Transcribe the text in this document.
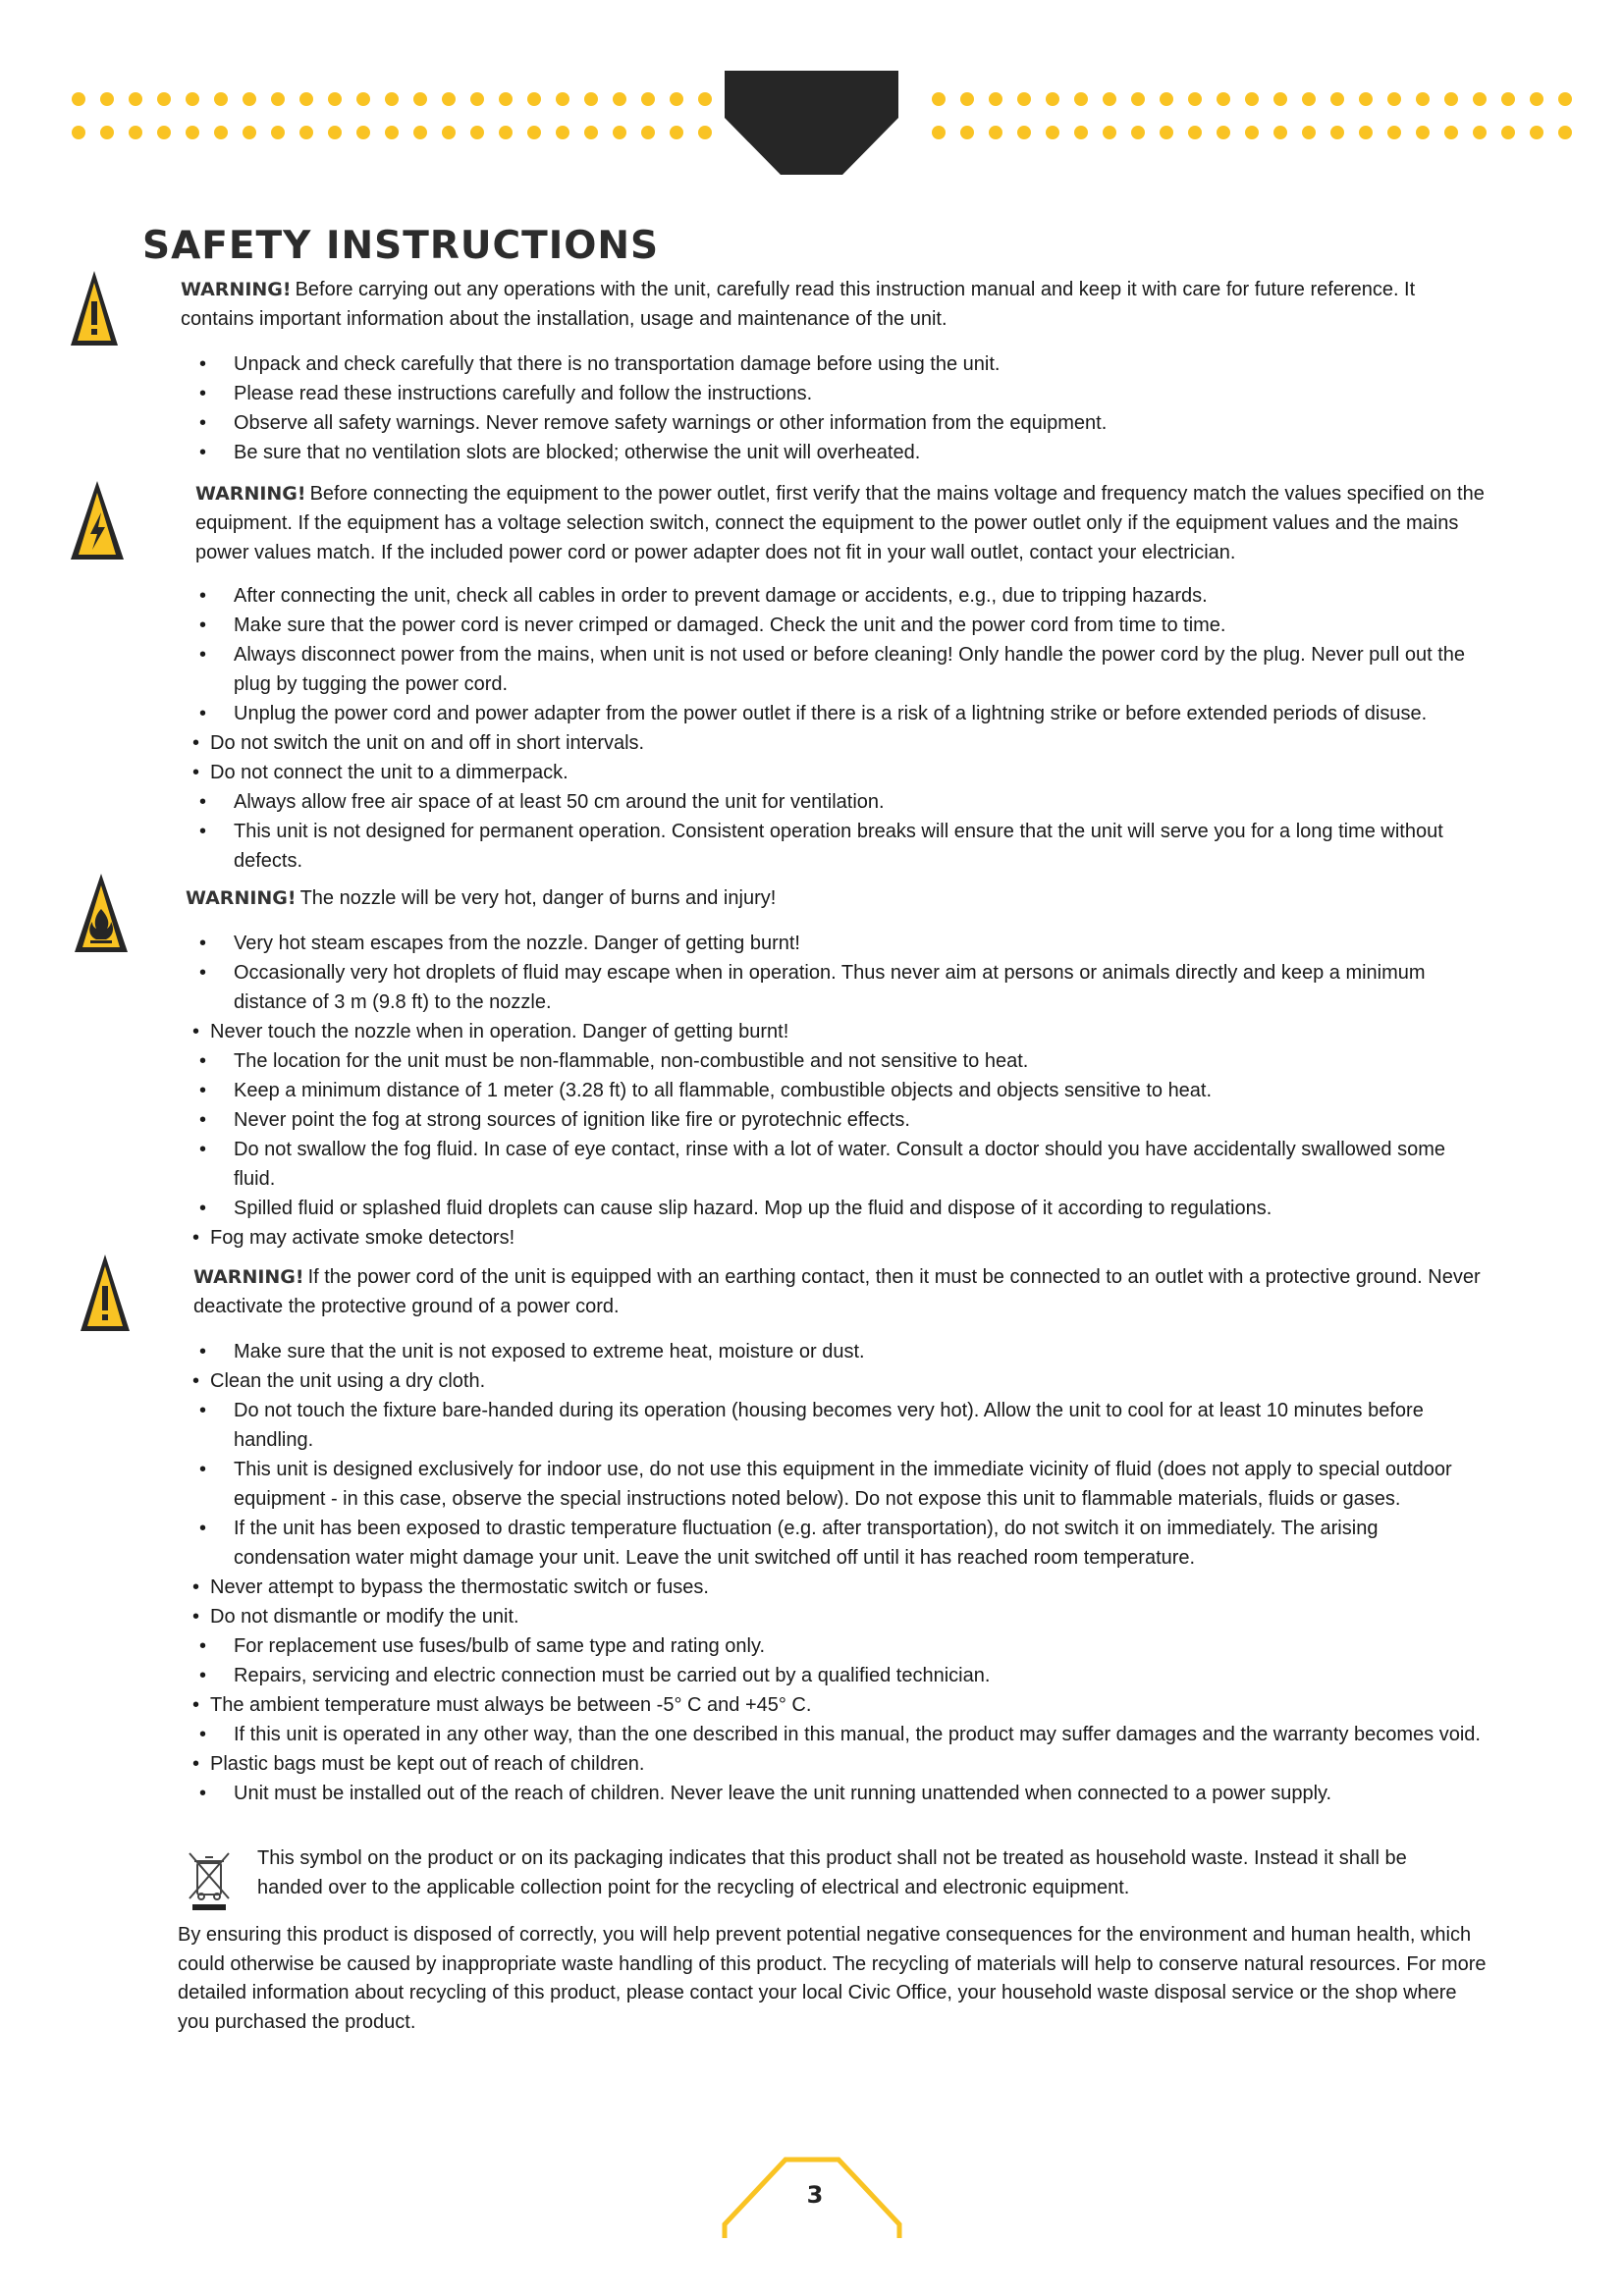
SAFETY INSTRUCTIONS
WARNING! Before carrying out any operations with the unit, carefully read this instruction manual and keep it with care for future reference. It contains important information about the installation, usage and maintenance of the unit.
• Unpack and check carefully that there is no transportation damage before using the unit.
• Please read these instructions carefully and follow the instructions.
• Observe all safety warnings. Never remove safety warnings or other information from the equipment.
• Be sure that no ventilation slots are blocked; otherwise the unit will overheated.
WARNING! Before connecting the equipment to the power outlet, first verify that the mains voltage and frequency match the values specified on the equipment. If the equipment has a voltage selection switch, connect the equipment to the power outlet only if the equipment values and the mains power values match. If the included power cord or power adapter does not fit in your wall outlet, contact your electrician.
• After connecting the unit, check all cables in order to prevent damage or accidents, e.g., due to tripping hazards.
• Make sure that the power cord is never crimped or damaged. Check the unit and the power cord from time to time.
• Always disconnect power from the mains, when unit is not used or before cleaning! Only handle the power cord by the plug. Never pull out the plug by tugging the power cord.
• Unplug the power cord and power adapter from the power outlet if there is a risk of a lightning strike or before extended periods of disuse.
• Do not switch the unit on and off in short intervals.
• Do not connect the unit to a dimmerpack.
• Always allow free air space of at least 50 cm around the unit for ventilation.
• This unit is not designed for permanent operation. Consistent operation breaks will ensure that the unit will serve you for a long time without defects.
WARNING! The nozzle will be very hot, danger of burns and injury!
• Very hot steam escapes from the nozzle. Danger of getting burnt!
• Occasionally very hot droplets of fluid may escape when in operation. Thus never aim at persons or animals directly and keep a minimum distance of 3 m (9.8 ft) to the nozzle.
• Never touch the nozzle when in operation. Danger of getting burnt!
• The location for the unit must be non-flammable, non-combustible and not sensitive to heat.
• Keep a minimum distance of 1 meter (3.28 ft) to all flammable, combustible objects and objects sensitive to heat.
• Never point the fog at strong sources of ignition like fire or pyrotechnic effects.
• Do not swallow the fog fluid. In case of eye contact, rinse with a lot of water. Consult a doctor should you have accidentally swallowed some fluid.
• Spilled fluid or splashed fluid droplets can cause slip hazard. Mop up the fluid and dispose of it according to regulations.
• Fog may activate smoke detectors!
WARNING! If the power cord of the unit is equipped with an earthing contact, then it must be connected to an outlet with a protective ground. Never deactivate the protective ground of a power cord.
• Make sure that the unit is not exposed to extreme heat, moisture or dust.
• Clean the unit using a dry cloth.
• Do not touch the fixture bare-handed during its operation (housing becomes very hot). Allow the unit to cool for at least 10 minutes before handling.
• This unit is designed exclusively for indoor use, do not use this equipment in the immediate vicinity of fluid (does not apply to special outdoor equipment - in this case, observe the special instructions noted below). Do not expose this unit to flammable materials, fluids or gases.
• If the unit has been exposed to drastic temperature fluctuation (e.g. after transportation), do not switch it on immediately. The arising condensation water might damage your unit. Leave the unit switched off until it has reached room temperature.
• Never attempt to bypass the thermostatic switch or fuses.
• Do not dismantle or modify the unit.
• For replacement use fuses/bulb of same type and rating only.
• Repairs, servicing and electric connection must be carried out by a qualified technician.
• The ambient temperature must always be between -5° C and +45° C.
• If this unit is operated in any other way, than the one described in this manual, the product may suffer damages and the warranty becomes void.
• Plastic bags must be kept out of reach of children.
• Unit must be installed out of the reach of children. Never leave the unit running unattended when connected to a power supply.
This symbol on the product or on its packaging indicates that this product shall not be treated as household waste. Instead it shall be handed over to the applicable collection point for the recycling of electrical and electronic equipment.

By ensuring this product is disposed of correctly, you will help prevent potential negative consequences for the environment and human health, which could otherwise be caused by inappropriate waste handling of this product. The recycling of materials will help to conserve natural resources. For more detailed information about recycling of this product, please contact your local Civic Office, your household waste disposal service or the shop where you purchased the product.

3
